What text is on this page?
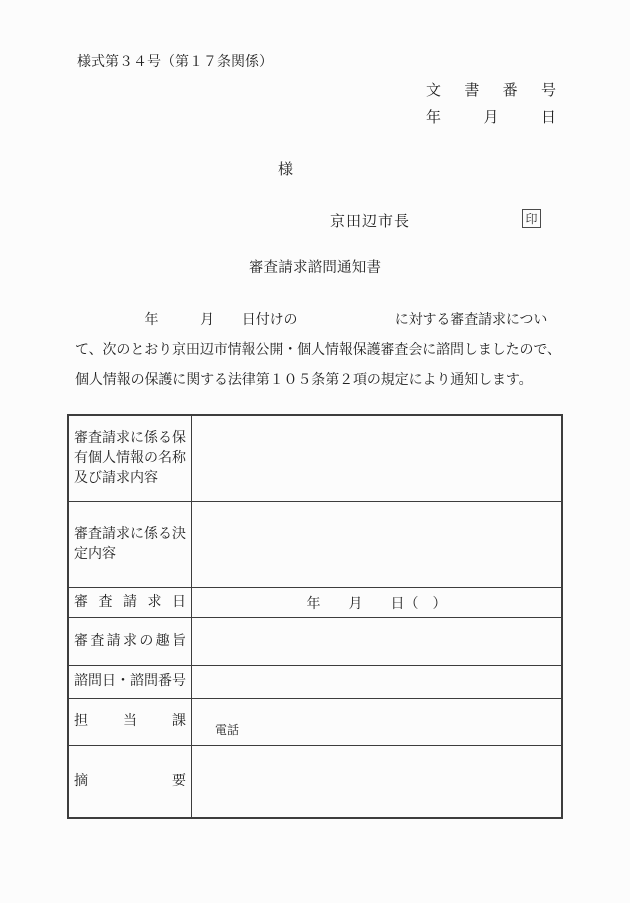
様式第３４号（第１７条関係）
文書番号
年月日
様
京田辺市長	印
審査請求諮問通知書
　　　　　年　　　月　　日付けの　　　　　　　に対する審査請求につい
て、次のとおり京田辺市情報公開・個人情報保護審査会に諮問しましたので、
個人情報の保護に関する法律第１０５条第２項の規定により通知します。
審査請求に係る保有個人情報の名称及び請求内容
審査請求に係る決定内容
審査請求日	年　　月　　日（　）
審査請求の趣旨
諮問日・諮問番号
担当課
電話
摘要
